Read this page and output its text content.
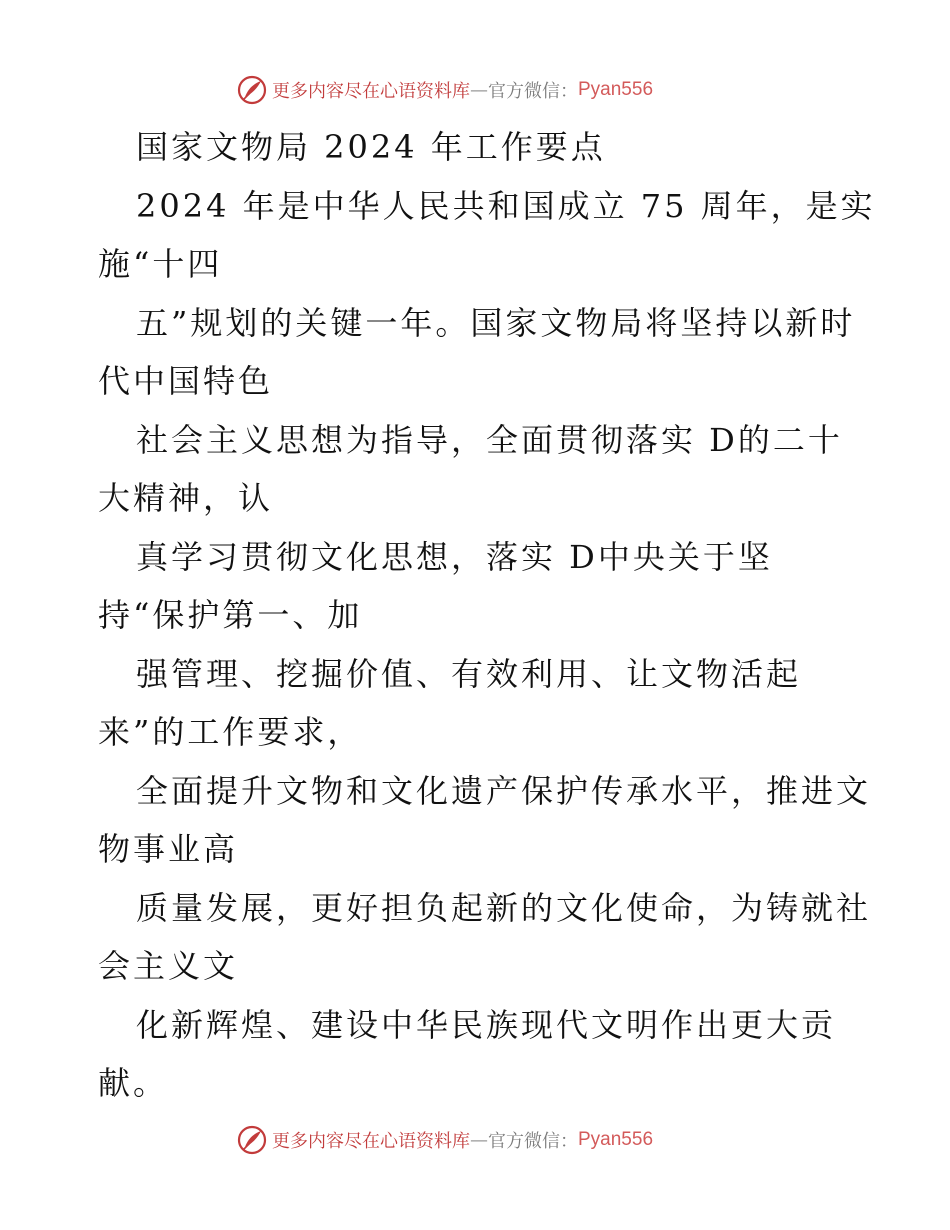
更多内容尽在心语资料库 — 官方微信： Pyan556
国家文物局 2024 年工作要点
2024 年是中华人民共和国成立 75 周年，是实
施“十四
五”规划的关键一年。国家文物局将坚持以新时
代中国特色
社会主义思想为指导，全面贯彻落实 D的二十
大精神，认
真学习贯彻文化思想，落实 D中央关于坚
持“保护第一、加
强管理、挖掘价值、有效利用、让文物活起
来”的工作要求，
全面提升文物和文化遗产保护传承水平，推进文
物事业高
质量发展，更好担负起新的文化使命，为铸就社
会主义文
化新辉煌、建设中华民族现代文明作出更大贡
献。
更多内容尽在心语资料库 — 官方微信： Pyan556
